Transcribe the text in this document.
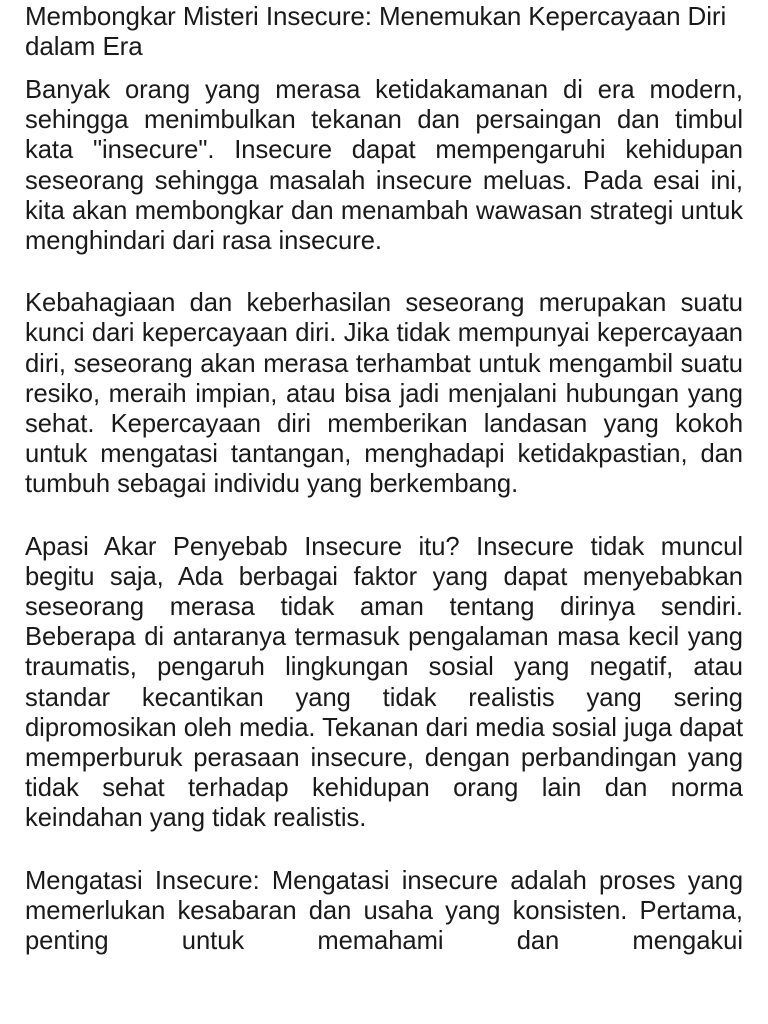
Membongkar Misteri Insecure: Menemukan Kepercayaan Diri dalam Era

Banyak orang yang merasa ketidakamanan di era modern, sehingga menimbulkan tekanan dan persaingan dan timbul kata "insecure". Insecure dapat mempengaruhi kehidupan seseorang sehingga masalah insecure meluas. Pada esai ini, kita akan membongkar dan menambah wawasan strategi untuk menghindari dari rasa insecure.

Kebahagiaan dan keberhasilan seseorang merupakan suatu kunci dari kepercayaan diri. Jika tidak mempunyai kepercayaan diri, seseorang akan merasa terhambat untuk mengambil suatu resiko, meraih impian, atau bisa jadi menjalani hubungan yang sehat. Kepercayaan diri memberikan landasan yang kokoh untuk mengatasi tantangan, menghadapi ketidakpastian, dan tumbuh sebagai individu yang berkembang.

Apasi Akar Penyebab Insecure itu? Insecure tidak muncul begitu saja, Ada berbagai faktor yang dapat menyebabkan seseorang merasa tidak aman tentang dirinya sendiri. Beberapa di antaranya termasuk pengalaman masa kecil yang traumatis, pengaruh lingkungan sosial yang negatif, atau standar kecantikan yang tidak realistis yang sering dipromosikan oleh media. Tekanan dari media sosial juga dapat memperburuk perasaan insecure, dengan perbandingan yang tidak sehat terhadap kehidupan orang lain dan norma keindahan yang tidak realistis.

Mengatasi Insecure: Mengatasi insecure adalah proses yang memerlukan kesabaran dan usaha yang konsisten. Pertama, penting untuk memahami dan mengakui
